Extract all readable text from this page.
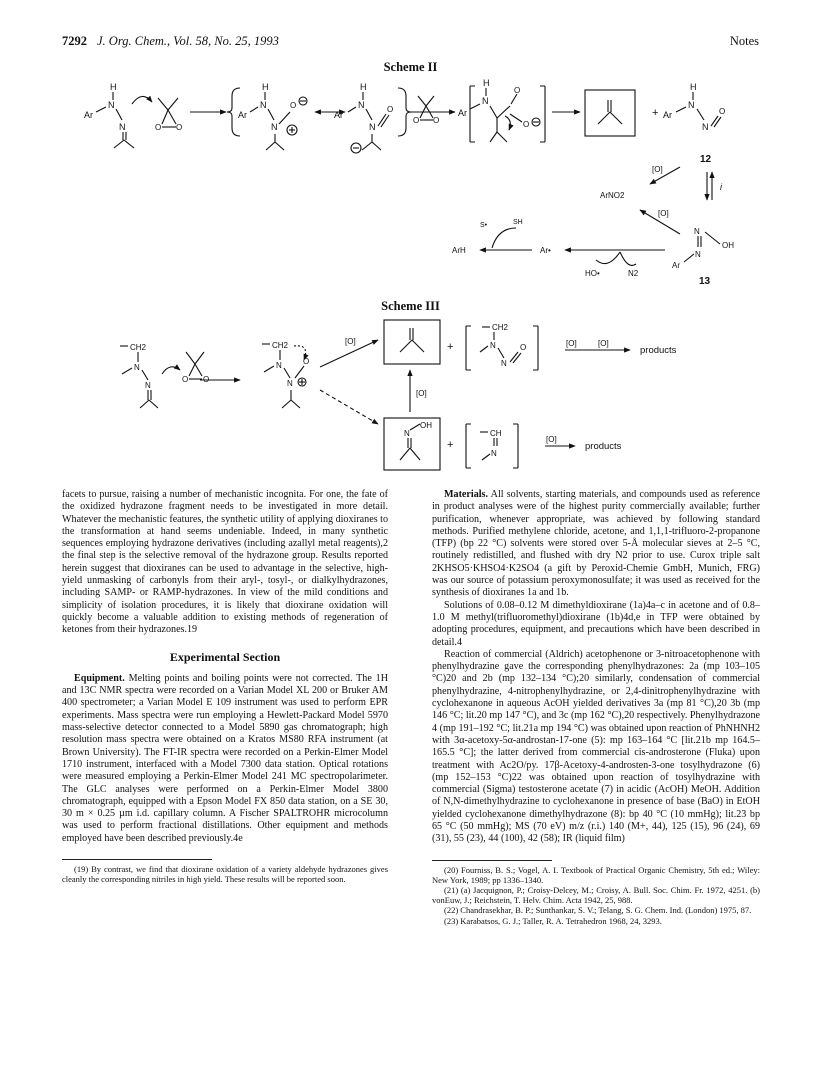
7292 J. Org. Chem., Vol. 58, No. 25, 1993	Notes
Scheme II
H
N
Ar
N	O O
H
N
Ar
N
O
H
N
Ar
N
O
O O
H
N
Ar
O
O
+
H
N
Ar
N
O
12
[O]
ArNO2
i
[O]
N
N
Ar
OH
13
HO•	N2
Ar•
S•	SH
ArH
Scheme III
CH2
N
N
O O
CH2
N
N
O
[O]	+
CH2
N
N
O	[O]	[O]
products
[O]
N
OH
+
CH
N
[O]
products

facets to pursue, raising a number of mechanistic incognita. For one, the fate of the oxidized hydrazone fragment needs to be investigated in more detail. Whatever the mechanistic features, the synthetic utility of applying dioxiranes to the transformation at hand seems undeniable. Indeed, in many synthetic sequences employing hydrazone derivatives (including azallyl metal reagents),2 the final step is the selective removal of the hydrazone group. Results reported herein suggest that dioxiranes can be used to advantage in the selective, high-yield unmasking of carbonyls from their aryl-, tosyl-, or dialkylhydrazones, including SAMP- or RAMP-hydrazones. In view of the mild conditions and simplicity of isolation procedures, it is likely that dioxirane oxidation will quickly become a valuable addition to existing methods of regeneration of ketones from their hydrazones.19

Experimental Section

Equipment. Melting points and boiling points were not corrected. The 1H and 13C NMR spectra were recorded on a Varian Model XL 200 or Bruker AM 400 spectrometer; a Varian Model E 109 instrument was used to perform EPR experiments. Mass spectra were run employing a Hewlett-Packard Model 5970 mass-selective detector connected to a Model 5890 gas chromatograph; high resolution mass spectra were obtained on a Kratos MS80 RFA instrument (at Brown University). The FT-IR spectra were recorded on a Perkin-Elmer Model 1710 instrument, interfaced with a Model 7300 data station. Optical rotations were measured employing a Perkin-Elmer Model 241 MC spectropolarimeter. The GLC analyses were performed on a Perkin-Elmer Model 3800 chromatograph, equipped with a Epson Model FX 850 data station, on a SE 30, 30 m × 0.25 µm i.d. capillary column. A Fischer SPALTROHR microcolumn was used to perform fractional distillations. Other equipment and methods employed have been described previously.4e

(19) By contrast, we find that dioxirane oxidation of a variety aldehyde hydrazones gives cleanly the corresponding nitriles in high yield. These results will be reported soon.

Materials. All solvents, starting materials, and compounds used as reference in product analyses were of the highest purity commercially available; further purification, whenever appropriate, was achieved by following standard methods. Purified methylene chloride, acetone, and 1,1,1-trifluoro-2-propanone (TFP) (bp 22 °C) solvents were stored over 5-Å molecular sieves at 2–5 °C, routinely redistilled, and flushed with dry N2 prior to use. Curox triple salt 2KHSO5·KHSO4·K2SO4 (a gift by Peroxid-Chemie GmbH, Munich, FRG) was our source of potassium peroxymonosulfate; it was used as received for the synthesis of dioxiranes 1a and 1b.

Solutions of 0.08–0.12 M dimethyldioxirane (1a)4a–c in acetone and of 0.8–1.0 M methyl(trifluoromethyl)dioxirane (1b)4d,e in TFP were obtained by adopting procedures, equipment, and precautions which have been described in detail.4

Reaction of commercial (Aldrich) acetophenone or 3-nitroacetophenone with phenylhydrazine gave the corresponding phenylhydrazones: 2a (mp 103–105 °C)20 and 2b (mp 132–134 °C);20 similarly, condensation of commercial phenylhydrazine, 4-nitrophenylhydrazine, or 2,4-dinitrophenylhydrazine with cyclohexanone in aqueous AcOH yielded derivatives 3a (mp 81 °C),20 3b (mp 146 °C; lit.20 mp 147 °C), and 3c (mp 162 °C),20 respectively. Phenylhydrazone 4 (mp 191–192 °C; lit.21a mp 194 °C) was obtained upon reaction of PhNHNH2 with 3α-acetoxy-5α-androstan-17-one (5): mp 163–164 °C [lit.21b mp 164.5–165.5 °C]; the latter derived from commercial cis-androsterone (Fluka) upon treatment with Ac2O/py. 17β-Acetoxy-4-androsten-3-one tosylhydrazone (6) (mp 152–153 °C)22 was obtained upon reaction of tosylhydrazine with commercial (Sigma) testosterone acetate (7) in acidic (AcOH) MeOH. Addition of N,N-dimethylhydrazine to cyclohexanone in presence of base (BaO) in EtOH yielded cyclohexanone dimethylhydrazone (8): bp 40 °C (10 mmHg); lit.23 bp 65 °C (50 mmHg); MS (70 eV) m/z (r.i.) 140 (M+, 44), 125 (15), 96 (24), 69 (31), 55 (23), 44 (100), 42 (58); IR (liquid film)

(20) Fourniss, B. S.; Vogel, A. I. Textbook of Practical Organic Chemistry, 5th ed.; Wiley: New York, 1989; pp 1336–1340.

(21) (a) Jacquignon, P.; Croisy-Delcey, M.; Croisy, A. Bull. Soc. Chim. Fr. 1972, 4251. (b) vonEuw, J.; Reichstein, T. Helv. Chim. Acta 1942, 25, 988.

(22) Chandrasekhar, B. P.; Sunthankar, S. V.; Telang, S. G. Chem. Ind. (London) 1975, 87.

(23) Karabatsos, G. J.; Taller, R. A. Tetrahedron 1968, 24, 3293.
